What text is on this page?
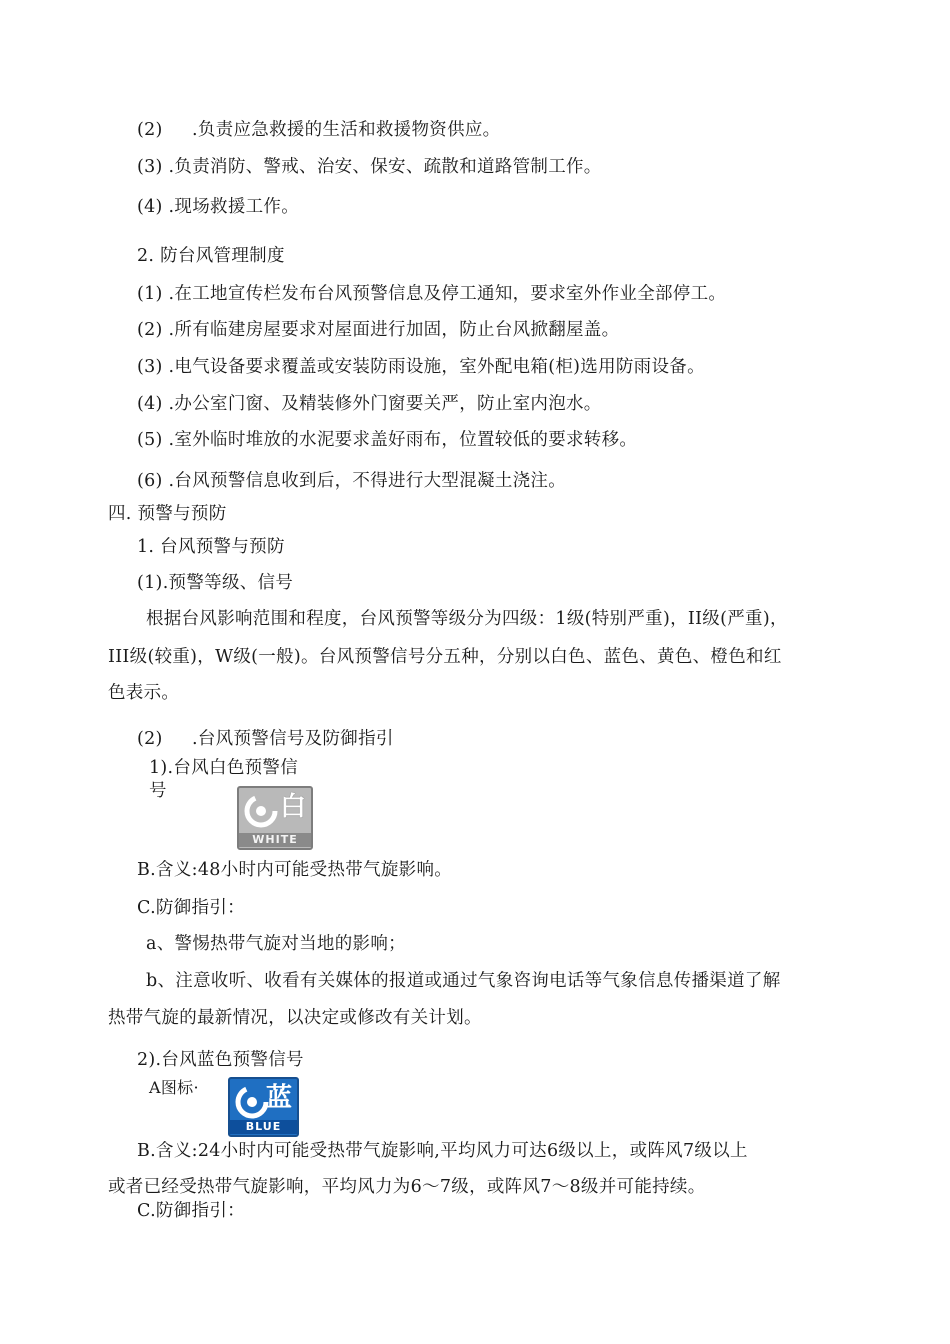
(2)     .负责应急救援的生活和救援物资供应。
(3) .负责消防、警戒、治安、保安、疏散和道路管制工作。
(4) .现场救援工作。
2. 防台风管理制度
(1) .在工地宣传栏发布台风预警信息及停工通知，要求室外作业全部停工。
(2) .所有临建房屋要求对屋面进行加固，防止台风掀翻屋盖。
(3) .电气设备要求覆盖或安装防雨设施，室外配电箱(柜)选用防雨设备。
(4) .办公室门窗、及精装修外门窗要关严，防止室内泡水。
(5) .室外临时堆放的水泥要求盖好雨布，位置较低的要求转移。
(6) .台风预警信息收到后，不得进行大型混凝土浇注。
四. 预警与预防
1. 台风预警与预防
(1).预警等级、信号
根据台风影响范围和程度，台风预警等级分为四级：1级(特别严重)，II级(严重)，
III级(较重)，W级(一般)。台风预警信号分五种，分别以白色、蓝色、黄色、橙色和红
色表示。
(2)     .台风预警信号及防御指引
1).台风白色预警信
号
白
WHITE
B.含义:48小时内可能受热带气旋影响。
C.防御指引：
a、警惕热带气旋对当地的影响；
b、注意收听、收看有关媒体的报道或通过气象咨询电话等气象信息传播渠道了解
热带气旋的最新情况，以决定或修改有关计划。
2).台风蓝色预警信号
A图标·	蓝
BLUE
B.含义:24小时内可能受热带气旋影响,平均风力可达6级以上，或阵风7级以上
或者已经受热带气旋影响，平均风力为6〜7级，或阵风7〜8级并可能持续。
C.防御指引：
